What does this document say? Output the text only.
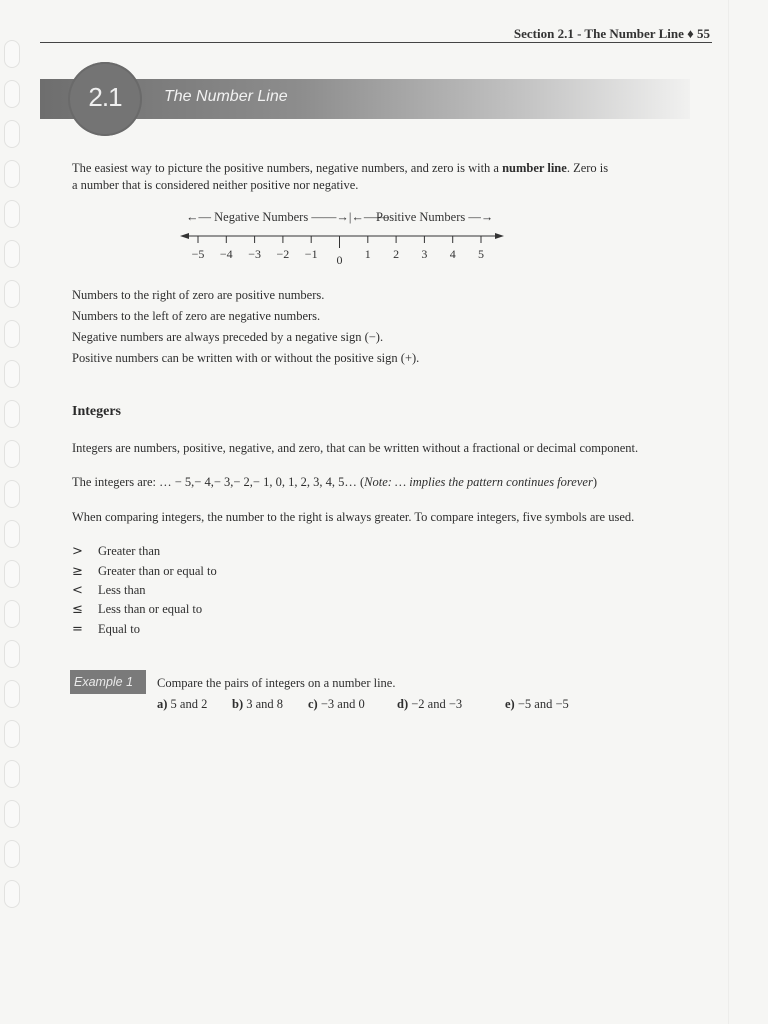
Section 2.1 - The Number Line ♦ 55
2.1	The Number Line
The easiest way to picture the positive numbers, negative numbers, and zero is with a number line. Zero is
a number that is considered neither positive nor negative.
←— Negative Numbers ——→|←——
Positive Numbers —→
−5 −4 −3 −2 −1 0 1 2 3 4 5
Numbers to the right of zero are positive numbers.
Numbers to the left of zero are negative numbers.
Negative numbers are always preceded by a negative sign (−).
Positive numbers can be written with or without the positive sign (+).
Integers
Integers are numbers, positive, negative, and zero, that can be written without a fractional or decimal component.
The integers are: … − 5,− 4,− 3,− 2,− 1, 0, 1, 2, 3, 4, 5… (Note: … implies the pattern continues forever)
When comparing integers, the number to the right is always greater. To compare integers, five symbols are used.
> Greater than
≥ Greater than or equal to
< Less than
≤ Less than or equal to
= Equal to
Example 1	Compare the pairs of integers on a number line.
a) 5 and 2 b) 3 and 8 c) −3 and 0	d) −2 and −3	e) −5 and −5
